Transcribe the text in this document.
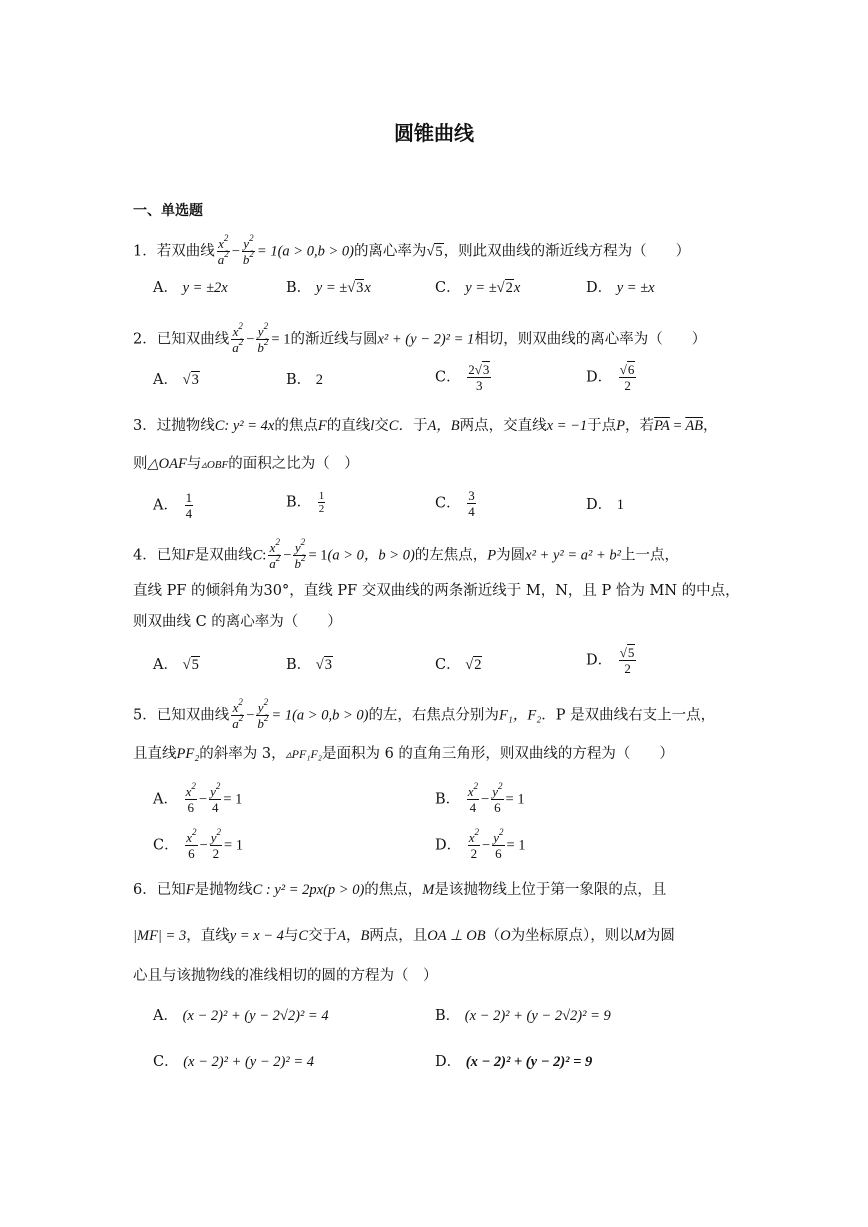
圆锥曲线
一、单选题
1．若双曲线 $\frac{x^2}{a^2} - \frac{y^2}{b^2} = 1(a > 0,b > 0)$的离心率为√5，则此双曲线的渐近线方程为（　　）
A． y = ±2x	B． y = ±√3x	C． y = ±√2x	D． y = ±x
2．已知双曲线 $\frac{x^2}{a^2} - \frac{y^2}{b^2} = 1$的渐近线与圆x² + (y − 2)² = 1相切，则双曲线的离心率为（　　）
A． √3	B． 2	C． $\frac{2√3}{3}$	D． $\frac{√6}{2}$
3．过抛物线C: y² = 4x的焦点F的直线l交C．于A，B两点，交直线x = −1于点P，若$\overline{PA} = \overline{AB}$，
则△OAF与▵OBF的面积之比为（　）
A． $\frac{1}{4}$	B． $\frac{1}{2}$	C． $\frac{3}{4}$	D． 1
4．已知F是双曲线C: $\frac{x^2}{a^2} - \frac{y^2}{b^2} = 1(a > 0$，b > 0)的左焦点，P为圆x² + y² = a² + b²上一点，
直线 PF 的倾斜角为30°，直线 PF 交双曲线的两条渐近线于 M，N，且 P 恰为 MN 的中点，
则双曲线 C 的离心率为（　　）
A． √5	B． √3	C． √2	D． $\frac{√5}{2}$
5．已知双曲线 $\frac{x^2}{a^2} - \frac{y^2}{b^2} = 1(a > 0,b > 0)$的左，右焦点分别为F₁，F₂．P 是双曲线右支上一点，
且直线PF₂的斜率为 3，▵PF₁F₂是面积为 6 的直角三角形，则双曲线的方程为（　　）
A． $\frac{x^2}{6} - \frac{y^2}{4} = 1$	B． $\frac{x^2}{4} - \frac{y^2}{6} = 1$
C． $\frac{x^2}{6} - \frac{y^2}{2} = 1$	D． $\frac{x^2}{2} - \frac{y^2}{6} = 1$
6．已知F是抛物线C : y² = 2px(p > 0)的焦点，M是该抛物线上位于第一象限的点，且
|MF| = 3，直线y = x − 4与C交于A，B两点，且OA ⊥ OB（O为坐标原点），则以M为圆
心且与该抛物线的准线相切的圆的方程为（　）
A． (x − 2)² + (y − 2√2)² = 4	B． (x − 2)² + (y − 2√2)² = 9
C． (x − 2)² + (y − 2)² = 4	D． (x − 2)² + (y − 2)² = 9
